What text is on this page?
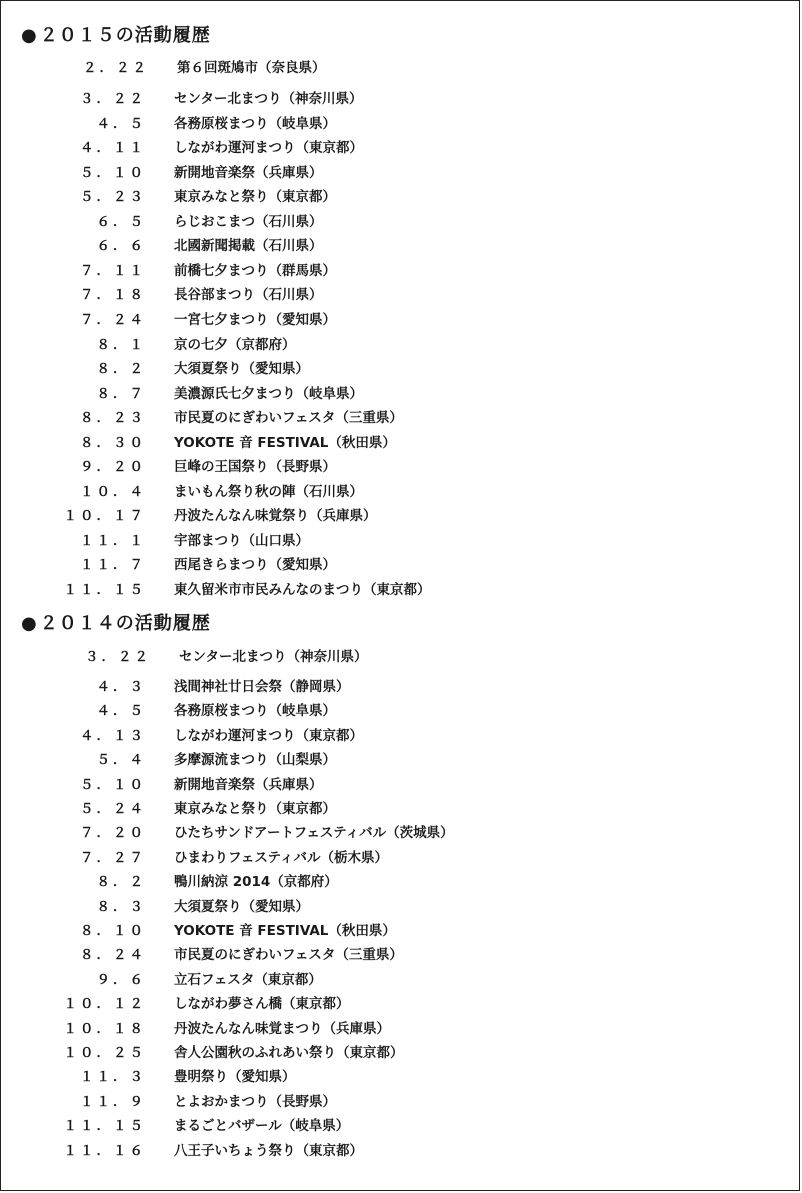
● ２０１５の活動履歴
２．２２ 第６回斑鳩市（奈良県）
３．２２ センター北まつり（神奈川県）
４．５ 各務原桜まつり（岐阜県）
４．１１ しながわ運河まつり（東京都）
５．１０ 新開地音楽祭（兵庫県）
５．２３ 東京みなと祭り（東京都）
６．５ らじおこまつ（石川県）
６．６ 北國新聞掲載（石川県）
７．１１ 前橋七夕まつり（群馬県）
７．１８ 長谷部まつり（石川県）
７．２４ 一宮七夕まつり（愛知県）
８．１ 京の七夕（京都府）
８．２ 大須夏祭り（愛知県）
８．７ 美濃源氏七夕まつり（岐阜県）
８．２３ 市民夏のにぎわいフェスタ（三重県）
８．３０ YOKOTE 音 FESTIVAL（秋田県）
９．２０ 巨峰の王国祭り（長野県）
１０．４ まいもん祭り秋の陣（石川県）
１０．１７ 丹波たんなん味覚祭り（兵庫県）
１１．１ 宇部まつり（山口県）
１１．７ 西尾きらまつり（愛知県）
１１．１５ 東久留米市市民みんなのまつり（東京都）
● ２０１４の活動履歴
３．２２ センター北まつり（神奈川県）
４．３ 浅間神社廿日会祭（静岡県）
４．５ 各務原桜まつり（岐阜県）
４．１３ しながわ運河まつり（東京都）
５．４ 多摩源流まつり（山梨県）
５．１０ 新開地音楽祭（兵庫県）
５．２４ 東京みなと祭り（東京都）
７．２０ ひたちサンドアートフェスティバル（茨城県）
７．２７ ひまわりフェスティバル（栃木県）
８．２ 鴨川納涼 2014（京都府）
８．３ 大須夏祭り（愛知県）
８．１０ YOKOTE 音 FESTIVAL（秋田県）
８．２４ 市民夏のにぎわいフェスタ（三重県）
９．６ 立石フェスタ（東京都）
１０．１２ しながわ夢さん橋（東京都）
１０．１８ 丹波たんなん味覚まつり（兵庫県）
１０．２５ 舎人公園秋のふれあい祭り（東京都）
１１．３ 豊明祭り（愛知県）
１１．９ とよおかまつり（長野県）
１１．１５ まるごとバザール（岐阜県）
１１．１６ 八王子いちょう祭り（東京都）
